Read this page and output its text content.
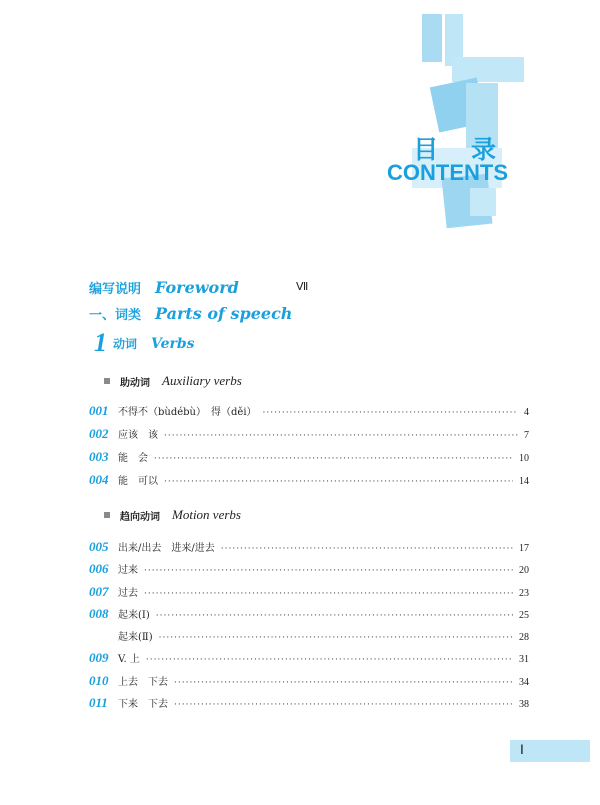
目 录
CONTENTS
编写说明 Foreword	Ⅶ
一、词类 Parts of speech
1 动词 Verbs
助动词 Auxiliary verbs
001 不得不（bùdébù）　得（děi） ·····	4
002 应该　该 ·····	7
003 能　会 ·····	10
004 能　可以 ·····	14
趋向动词 Motion verbs
005 出来/出去　进来/进去 ·····	17
006 过来 ·····	20
007 过去 ·····	23
008 起来(Ⅰ) ·····	25
起来(Ⅱ) ·····	28
009 V. 上 ·····	31
010 上去　下去 ·····	34
011	下来　下去 ·····	38
Ⅰ
